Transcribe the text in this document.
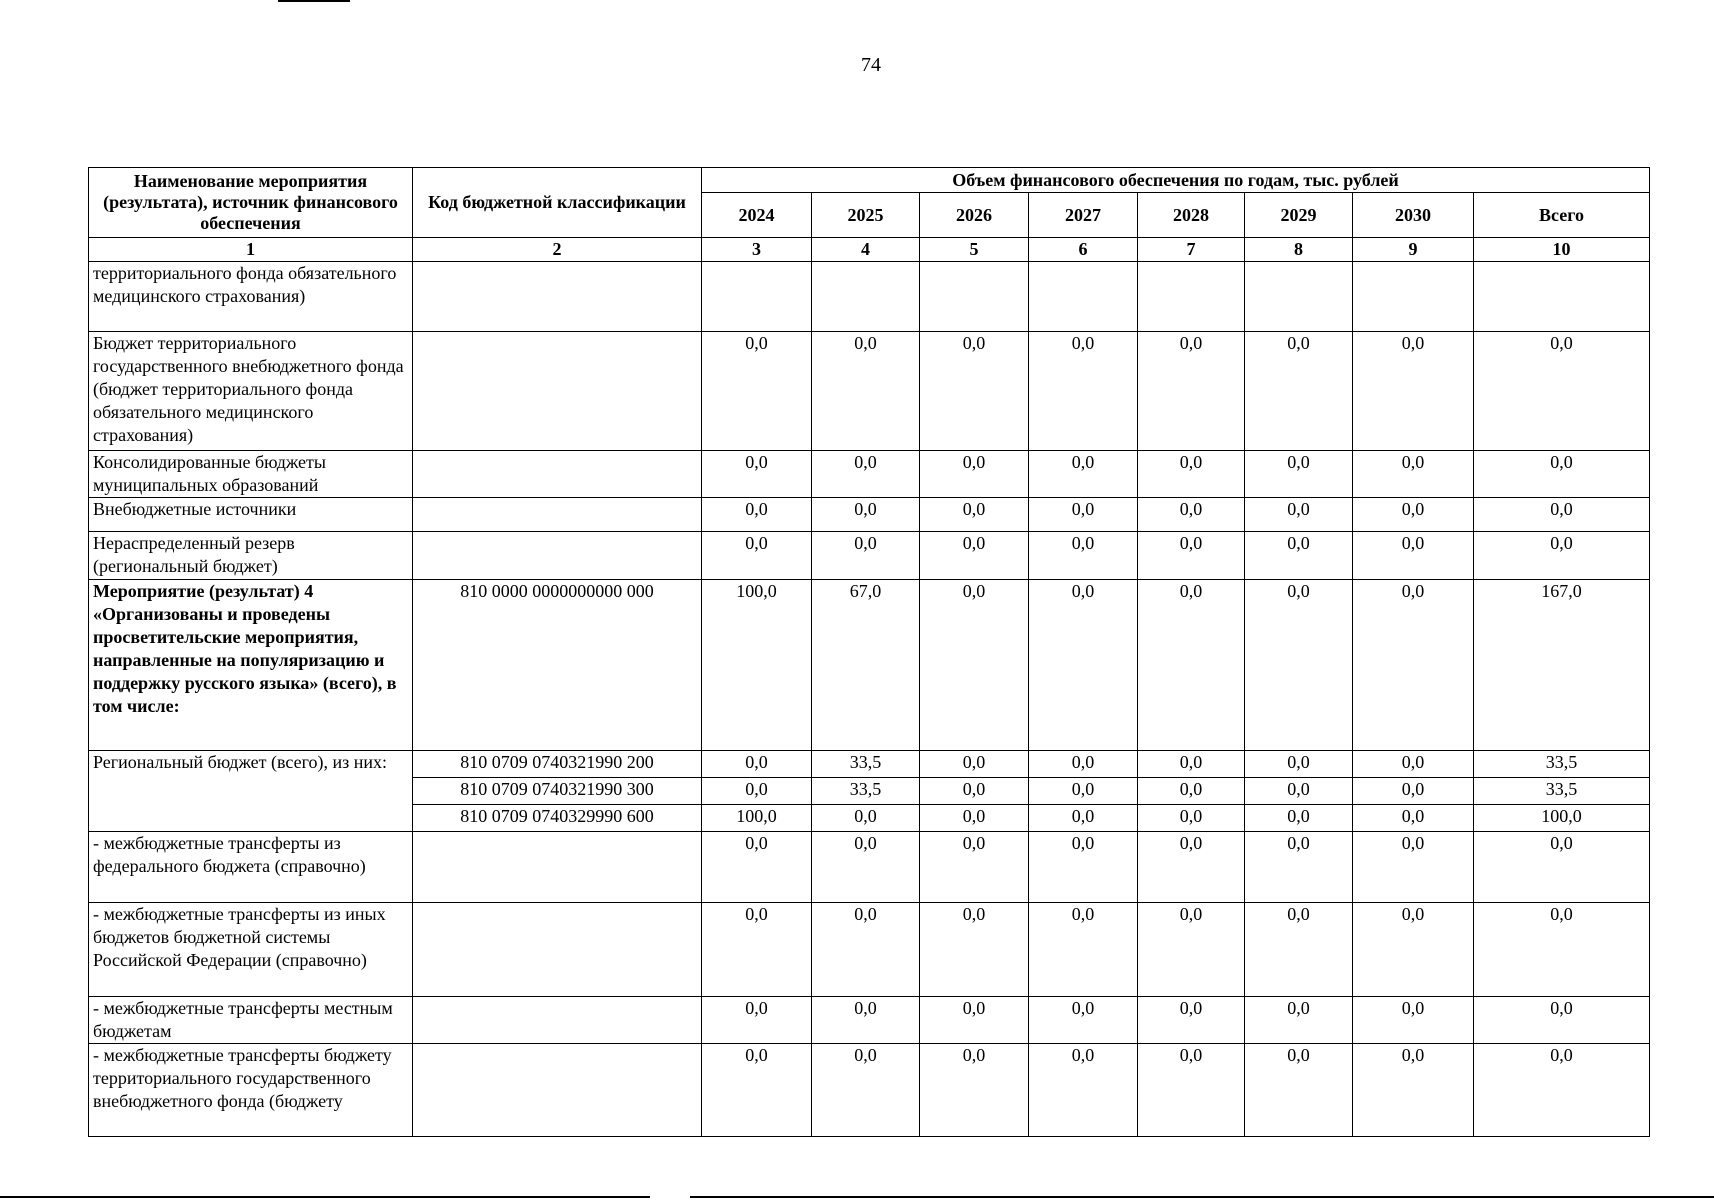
74
Наименование мероприятия (результата), источник финансового обеспечения	Код бюджетной классификации	Объем финансового обеспечения по годам, тыс. рублей							
		2024	2025	2026	2027	2028	2029	2030	Всего
1	2	3	4	5	6	7	8	9	10
территориального фонда обязательного медицинского страхования)									
Бюджет территориального государственного внебюджетного фонда (бюджет территориального фонда обязательного медицинского страхования)		0,0	0,0	0,0	0,0	0,0	0,0	0,0	0,0
Консолидированные бюджеты муниципальных образований		0,0	0,0	0,0	0,0	0,0	0,0	0,0	0,0
Внебюджетные источники		0,0	0,0	0,0	0,0	0,0	0,0	0,0	0,0
Нераспределенный резерв (региональный бюджет)		0,0	0,0	0,0	0,0	0,0	0,0	0,0	0,0
Мероприятие (результат) 4 «Организованы и проведены просветительские мероприятия, направленные на популяризацию и поддержку русского языка» (всего), в том числе:	810 0000 0000000000 000	100,0	67,0	0,0	0,0	0,0	0,0	0,0	167,0
Региональный бюджет (всего), из них:	810 0709 0740321990 200	0,0	33,5	0,0	0,0	0,0	0,0	0,0	33,5
	810 0709 0740321990 300	0,0	33,5	0,0	0,0	0,0	0,0	0,0	33,5
	810 0709 0740329990 600	100,0	0,0	0,0	0,0	0,0	0,0	0,0	100,0
- межбюджетные трансферты из федерального бюджета (справочно)		0,0	0,0	0,0	0,0	0,0	0,0	0,0	0,0
- межбюджетные трансферты из иных бюджетов бюджетной системы Российской Федерации (справочно)		0,0	0,0	0,0	0,0	0,0	0,0	0,0	0,0
- межбюджетные трансферты местным бюджетам		0,0	0,0	0,0	0,0	0,0	0,0	0,0	0,0
- межбюджетные трансферты бюджету территориального государственного внебюджетного фонда (бюджету		0,0	0,0	0,0	0,0	0,0	0,0	0,0	0,0
